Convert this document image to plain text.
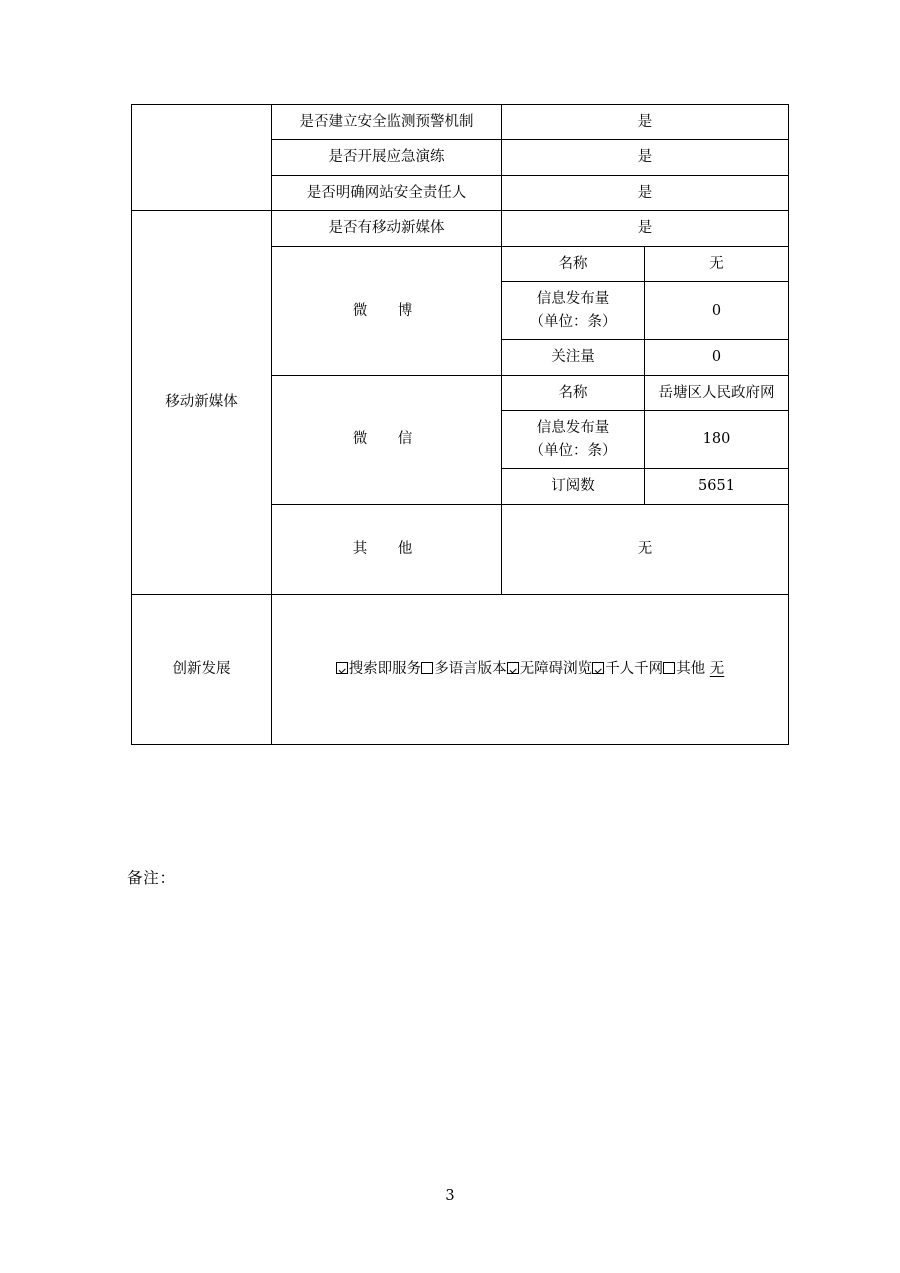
	是否建立安全监测预警机制	是	
	是否开展应急演练	是	
	是否明确网站安全责任人	是	
移动新媒体	是否有移动新媒体	是	
	微　博	名称	无

		信息发布量
（单位：条）	0
		关注量	0
	微　信	名称	岳塘区人民政府网

		信息发布量
（单位：条）	180
		订阅数	5651
	其　他	无	
创新发展	搜索即服务 多语言版本 无障碍浏览 千人千网 其他 无		
备注：
3
